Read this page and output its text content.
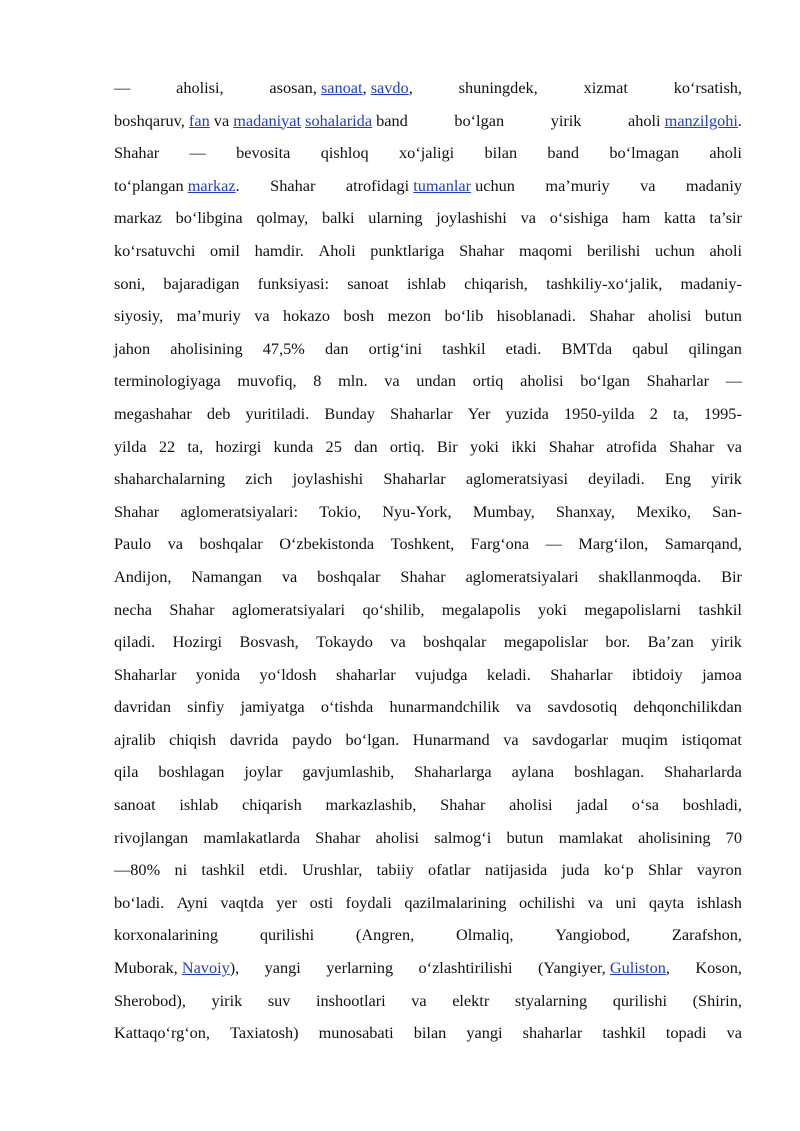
—	aholisi,	asosan, sanoat, savdo,	shuningdek,	xizmat	ko‘rsatish,
boshqaruv, fan va madaniyat sohalarida band	bo‘lgan	yirik	aholi manzilgohi.
Shahar — bevosita qishloq xo‘jaligi bilan band bo‘lmagan aholi
to‘plangan markaz. Shahar atrofidagi tumanlar uchun ma’muriy va madaniy
markaz bo‘libgina qolmay, balki ularning joylashishi va o‘sishiga ham katta ta’sir
ko‘rsatuvchi omil hamdir. Aholi punktlariga Shahar maqomi berilishi uchun aholi
soni, bajaradigan funksiyasi: sanoat ishlab chiqarish, tashkiliy-xo‘jalik, madaniy-
siyosiy, ma’muriy va hokazo bosh mezon bo‘lib hisoblanadi. Shahar aholisi butun
jahon aholisining 47,5% dan ortig‘ini tashkil etadi. BMTda qabul qilingan
terminologiyaga muvofiq, 8 mln. va undan ortiq aholisi bo‘lgan Shaharlar —
megashahar deb yuritiladi. Bunday Shaharlar Yer yuzida 1950-yilda 2 ta, 1995-
yilda 22 ta, hozirgi kunda 25 dan ortiq. Bir yoki ikki Shahar atrofida Shahar va
shaharchalarning zich joylashishi Shaharlar aglomeratsiyasi deyiladi. Eng yirik
Shahar aglomeratsiyalari: Tokio, Nyu-York, Mumbay, Shanxay, Mexiko, San-
Paulo va boshqalar O‘zbekistonda Toshkent, Farg‘ona — Marg‘ilon, Samarqand,
Andijon, Namangan va boshqalar Shahar aglomeratsiyalari shakllanmoqda. Bir
necha Shahar aglomeratsiyalari qo‘shilib, megalapolis yoki megapolislarni tashkil
qiladi. Hozirgi Bosvash, Tokaydo va boshqalar megapolislar bor. Ba’zan yirik
Shaharlar yonida yo‘ldosh shaharlar vujudga keladi. Shaharlar ibtidoiy jamoa
davridan sinfiy jamiyatga o‘tishda hunarmandchilik va savdosotiq dehqonchilikdan
ajralib chiqish davrida paydo bo‘lgan. Hunarmand va savdogarlar muqim istiqomat
qila boshlagan joylar gavjumlashib, Shaharlarga aylana boshlagan. Shaharlarda
sanoat ishlab chiqarish markazlashib, Shahar aholisi jadal o‘sa boshladi,
rivojlangan mamlakatlarda Shahar aholisi salmog‘i butun mamlakat aholisining 70
—80% ni tashkil etdi. Urushlar, tabiiy ofatlar natijasida juda ko‘p Shlar vayron
bo‘ladi. Ayni vaqtda yer osti foydali qazilmalarining ochilishi va uni qayta ishlash
korxonalarining	qurilishi	(Angren,	Olmaliq,	Yangiobod,	Zarafshon,
Muborak, Navoiy), yangi yerlarning o‘zlashtirilishi (Yangiyer, Guliston, Koson,
Sherobod), yirik suv inshootlari va elektr styalarning qurilishi (Shirin,
Kattaqo‘rg‘on, Taxiatosh) munosabati bilan yangi shaharlar tashkil topadi va
